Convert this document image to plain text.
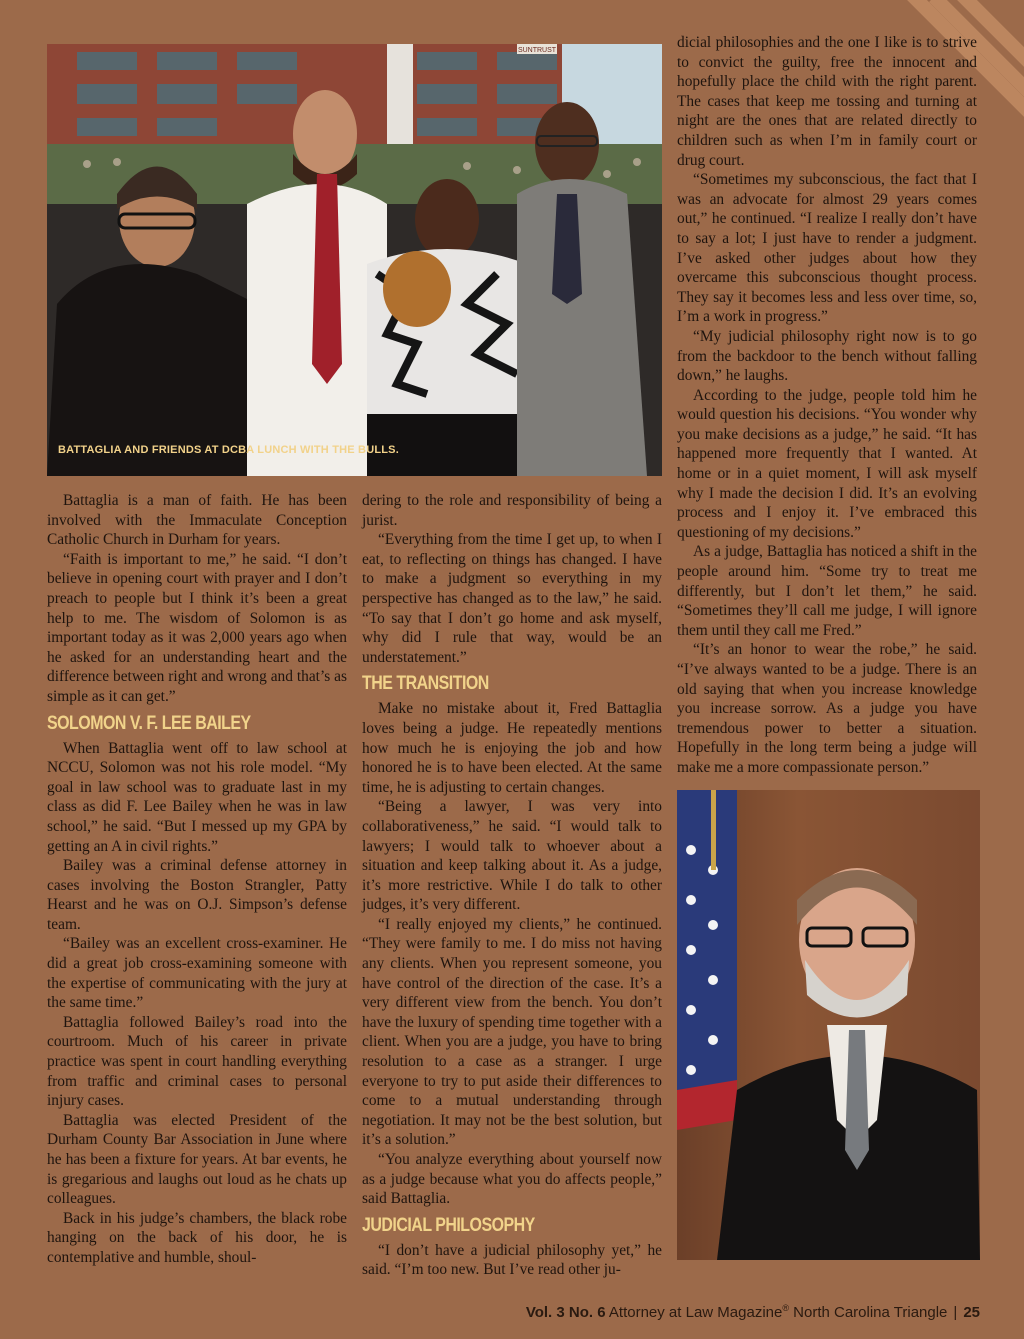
SUNTRUST
BATTAGLIA AND FRIENDS AT DCBA LUNCH WITH THE BULLS.

Battaglia is a man of faith. He has been involved with the Immaculate Conception Catholic Church in Durham for years.

“Faith is important to me,” he said. “I don’t believe in opening court with prayer and I don’t preach to people but I think it’s been a great help to me. The wisdom of Solomon is as important today as it was 2,000 years ago when he asked for an understanding heart and the difference between right and wrong and that’s as simple as it can get.”

SOLOMON V. F. LEE BAILEY

When Battaglia went off to law school at NCCU, Solomon was not his role model. “My goal in law school was to graduate last in my class as did F. Lee Bailey when he was in law school,” he said. “But I messed up my GPA by getting an A in civil rights.”

Bailey was a criminal defense attorney in cases involving the Boston Strangler, Patty Hearst and he was on O.J. Simpson’s defense team.

“Bailey was an excellent cross-examiner. He did a great job cross-examining someone with the expertise of communicating with the jury at the same time.”

Battaglia followed Bailey’s road into the courtroom. Much of his career in private practice was spent in court handling everything from traffic and criminal cases to personal injury cases.

Battaglia was elected President of the Durham County Bar Association in June where he has been a fixture for years. At bar events, he is gregarious and laughs out loud as he chats up colleagues.

Back in his judge’s chambers, the black robe hanging on the back of his door, he is contemplative and humble, shoul-

dering to the role and responsibility of being a jurist.

“Everything from the time I get up, to when I eat, to reflecting on things has changed. I have to make a judgment so everything in my perspective has changed as to the law,” he said. “To say that I don’t go home and ask myself, why did I rule that way, would be an understatement.”

THE TRANSITION

Make no mistake about it, Fred Battaglia loves being a judge. He repeatedly mentions how much he is enjoying the job and how honored he is to have been elected. At the same time, he is adjusting to certain changes.

“Being a lawyer, I was very into collaborativeness,” he said. “I would talk to lawyers; I would talk to whoever about a situation and keep talking about it. As a judge, it’s more restrictive. While I do talk to other judges, it’s very different.

“I really enjoyed my clients,” he continued. “They were family to me. I do miss not having any clients. When you represent someone, you have control of the direction of the case. It’s a very different view from the bench. You don’t have the luxury of spending time together with a client. When you are a judge, you have to bring resolution to a case as a stranger. I urge everyone to try to put aside their differences to come to a mutual understanding through negotiation. It may not be the best solution, but it’s a solution.”

“You analyze everything about yourself now as a judge because what you do affects people,” said Battaglia.

JUDICIAL PHILOSOPHY

“I don’t have a judicial philosophy yet,” he said. “I’m too new. But I’ve read other ju-

dicial philosophies and the one I like is to strive to convict the guilty, free the innocent and hopefully place the child with the right parent. The cases that keep me tossing and turning at night are the ones that are related directly to children such as when I’m in family court or drug court.

“Sometimes my subconscious, the fact that I was an advocate for almost 29 years comes out,” he continued. “I realize I really don’t have to say a lot; I just have to render a judgment. I’ve asked other judges about how they overcame this subconscious thought process. They say it becomes less and less over time, so, I’m a work in progress.”

“My judicial philosophy right now is to go from the backdoor to the bench without falling down,” he laughs.

According to the judge, people told him he would question his decisions. “You wonder why you make decisions as a judge,” he said. “It has happened more frequently that I wanted. At home or in a quiet moment, I will ask myself why I made the decision I did. It’s an evolving process and I enjoy it. I’ve embraced this questioning of my decisions.”

As a judge, Battaglia has noticed a shift in the people around him. “Some try to treat me differently, but I don’t let them,” he said. “Sometimes they’ll call me judge, I will ignore them until they call me Fred.”

“It’s an honor to wear the robe,” he said. “I’ve always wanted to be a judge. There is an old saying that when you increase knowledge you increase sorrow. As a judge you have tremendous power to better a situation. Hopefully in the long term being a judge will make me a more compassionate person.”

Vol. 3 No. 6 Attorney at Law Magazine® North Carolina Triangle | 25
